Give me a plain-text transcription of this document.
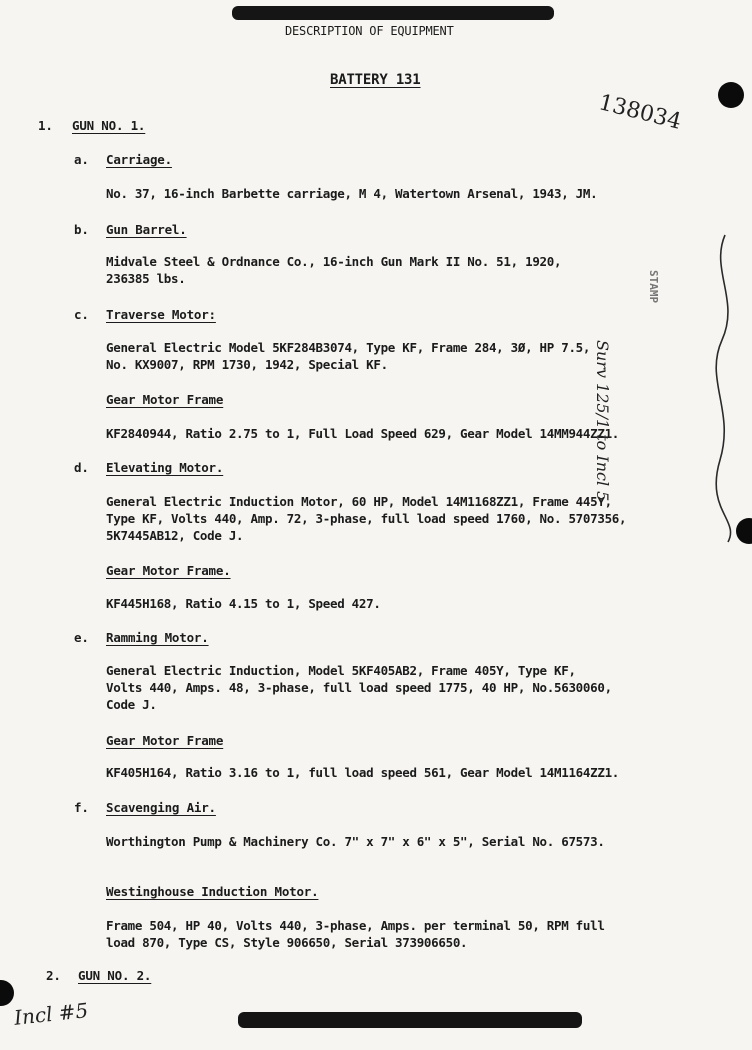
DESCRIPTION OF EQUIPMENT
BATTERY 131
138034
1. GUN NO. 1.
a. Carriage.
No. 37, 16-inch Barbette carriage, M 4, Watertown Arsenal, 1943, JM.
b. Gun Barrel.
Midvale Steel & Ordnance Co., 16-inch Gun Mark II No. 51, 1920,
236385 lbs.
c. Traverse Motor:
General Electric Model 5KF284B3074, Type KF, Frame 284, 3Ø, HP 7.5,
No. KX9007, RPM 1730, 1942, Special KF.
Gear Motor Frame
KF2840944, Ratio 2.75 to 1, Full Load Speed 629, Gear Model 14MM944ZZ1.
d. Elevating Motor.
General Electric Induction Motor, 60 HP, Model 14M1168ZZ1, Frame 445Y,
Type KF, Volts 440, Amp. 72, 3-phase, full load speed 1760, No. 5707356,
5K7445AB12, Code J.
Gear Motor Frame.
KF445H168, Ratio 4.15 to 1, Speed 427.
e. Ramming Motor.
General Electric Induction, Model 5KF405AB2, Frame 405Y, Type KF,
Volts 440, Amps. 48, 3-phase, full load speed 1775, 40 HP, No.5630060,
Code J.
Gear Motor Frame
KF405H164, Ratio 3.16 to 1, full load speed 561, Gear Model 14M1164ZZ1.
f. Scavenging Air.
Worthington Pump & Machinery Co. 7" x 7" x 6" x 5", Serial No. 67573.
Westinghouse Induction Motor.
Frame 504, HP 40, Volts 440, 3-phase, Amps. per terminal 50, RPM full
load 870, Type CS, Style 906650, Serial 373906650.
2. GUN NO. 2.
Incl #5
Surv 125/1 to Incl 5
STAMP
